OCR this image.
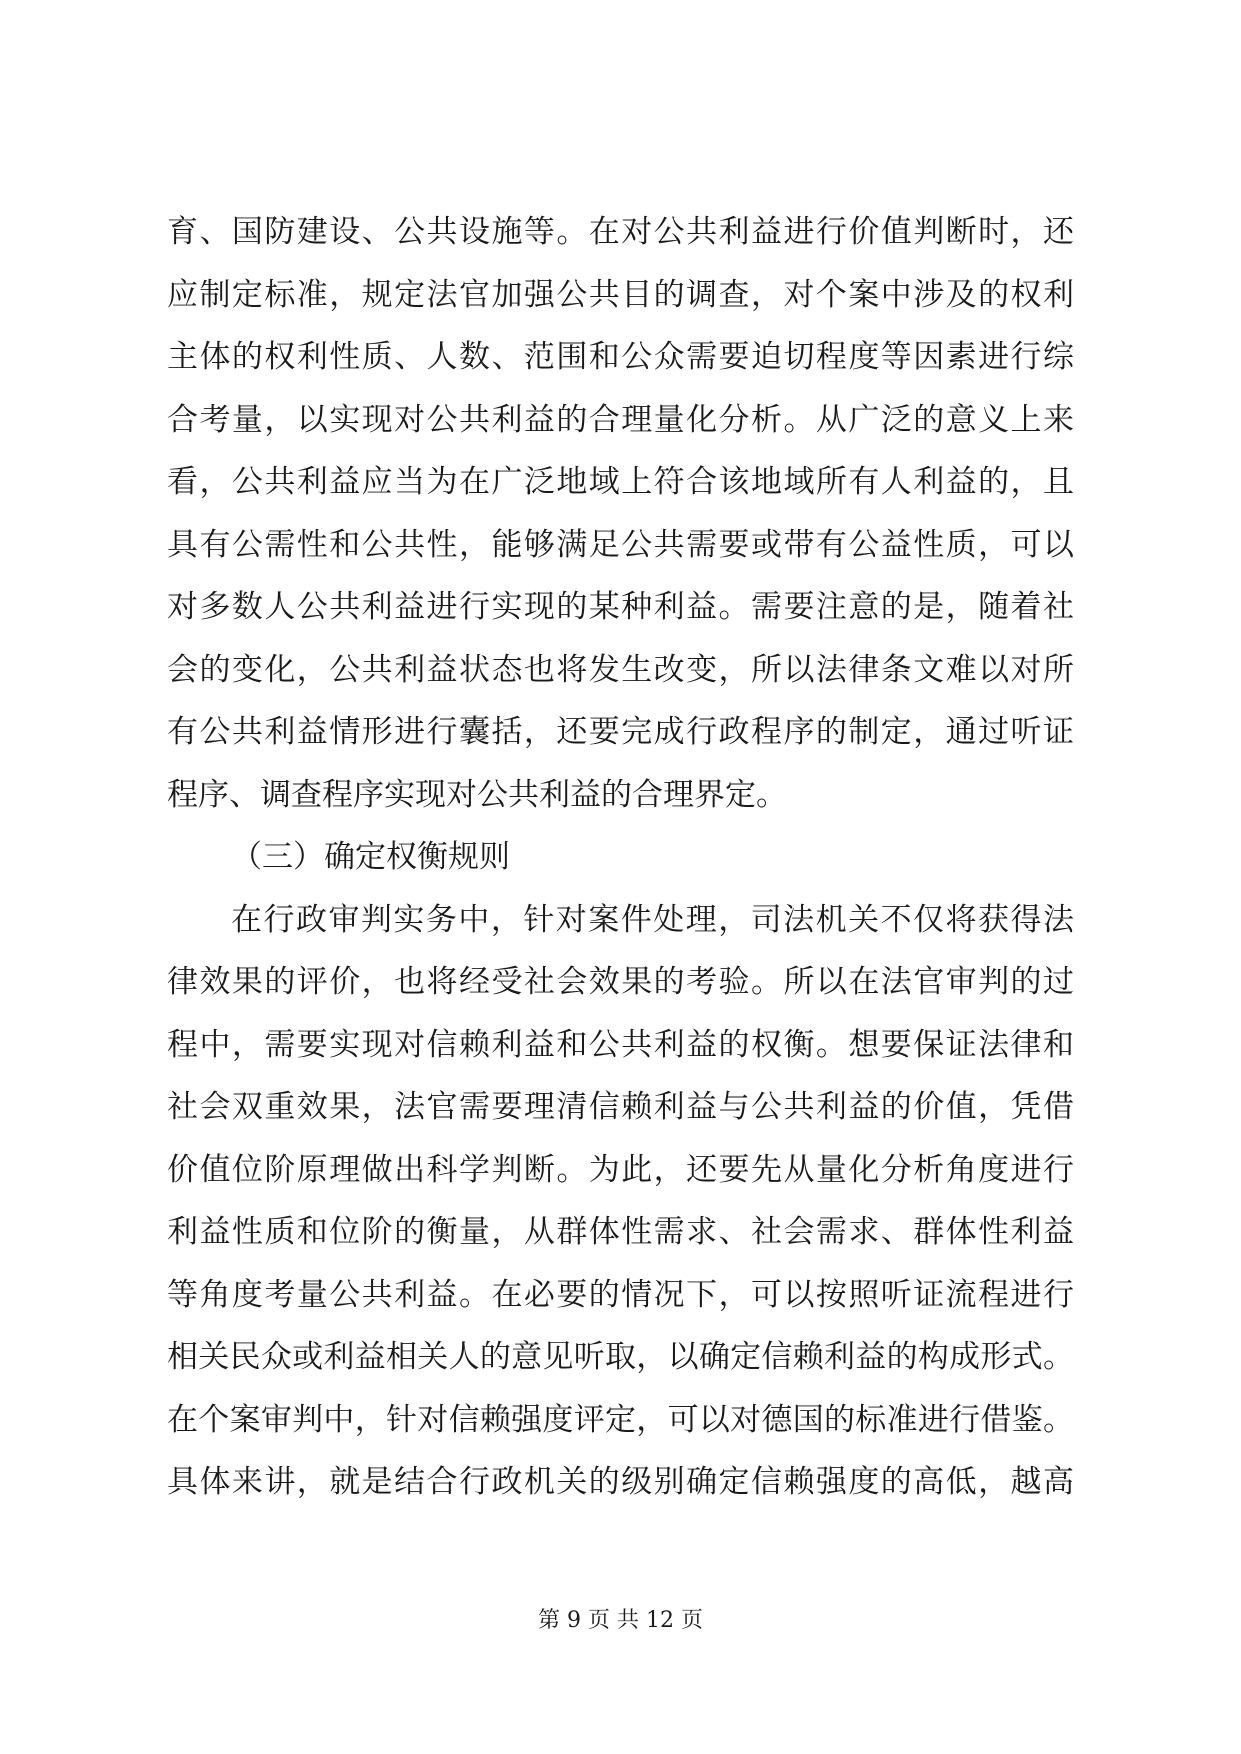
育、国防建设、公共设施等。在对公共利益进行价值判断时，还
应制定标准，规定法官加强公共目的调查，对个案中涉及的权利
主体的权利性质、人数、范围和公众需要迫切程度等因素进行综
合考量，以实现对公共利益的合理量化分析。从广泛的意义上来
看，公共利益应当为在广泛地域上符合该地域所有人利益的，且
具有公需性和公共性，能够满足公共需要或带有公益性质，可以
对多数人公共利益进行实现的某种利益。需要注意的是，随着社
会的变化，公共利益状态也将发生改变，所以法律条文难以对所
有公共利益情形进行囊括，还要完成行政程序的制定，通过听证
程序、调查程序实现对公共利益的合理界定。
（三）确定权衡规则
在行政审判实务中，针对案件处理，司法机关不仅将获得法
律效果的评价，也将经受社会效果的考验。所以在法官审判的过
程中，需要实现对信赖利益和公共利益的权衡。想要保证法律和
社会双重效果，法官需要理清信赖利益与公共利益的价值，凭借
价值位阶原理做出科学判断。为此，还要先从量化分析角度进行
利益性质和位阶的衡量，从群体性需求、社会需求、群体性利益
等角度考量公共利益。在必要的情况下，可以按照听证流程进行
相关民众或利益相关人的意见听取，以确定信赖利益的构成形式。
在个案审判中，针对信赖强度评定，可以对德国的标准进行借鉴。
具体来讲，就是结合行政机关的级别确定信赖强度的高低，越高
第 9 页 共 12 页
